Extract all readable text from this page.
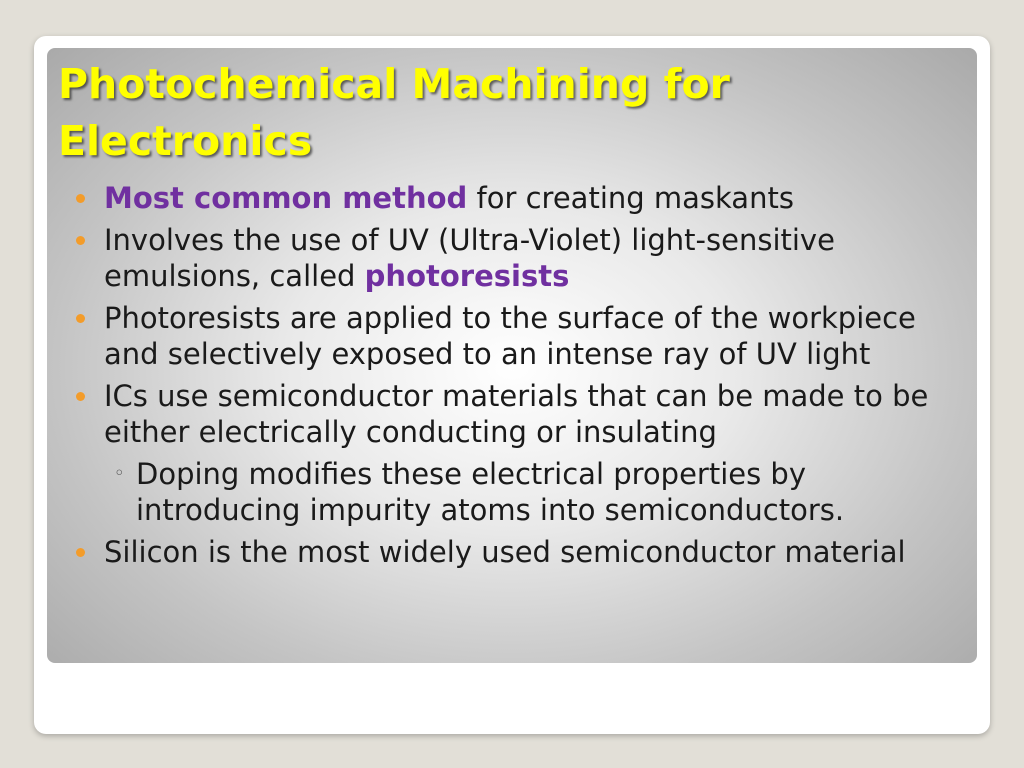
Photochemical Machining for Electronics
Most common method for creating maskants
Involves the use of UV (Ultra-Violet) light-sensitive emulsions, called photoresists
Photoresists are applied to the surface of the workpiece and selectively exposed to an intense ray of UV light
ICs use semiconductor materials that can be made to be either electrically conducting or insulating
◦ Doping modifies these electrical properties by introducing impurity atoms into semiconductors.
Silicon is the most widely used semiconductor material
